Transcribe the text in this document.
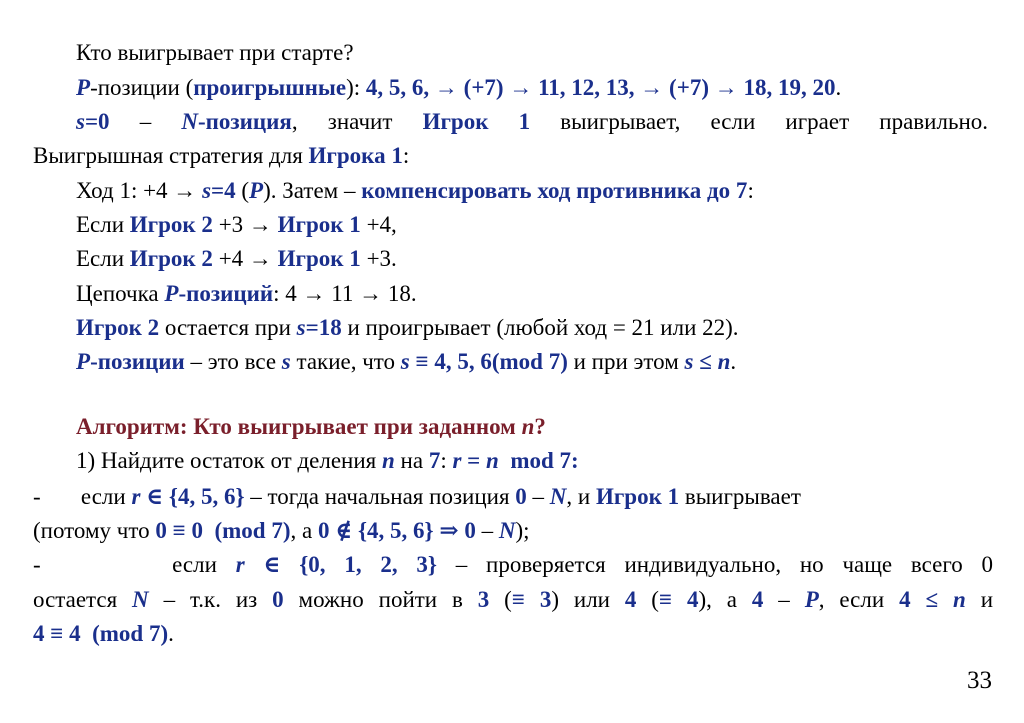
Кто выигрывает при старте?
P-позиции (проигрышные): 4, 5, 6, → (+7) → 11, 12, 13, → (+7) → 18, 19, 20.
s=0 – N-позиция, значит Игрок 1 выигрывает, если играет правильно.
Выигрышная стратегия для Игрока 1:
Ход 1: +4 → s=4 (P). Затем – компенсировать ход противника до 7:
Если Игрок 2 +3 → Игрок 1 +4,
Если Игрок 2 +4 → Игрок 1 +3.
Цепочка P-позиций: 4 → 11 → 18.
Игрок 2 остается при s=18 и проигрывает (любой ход = 21 или 22).
P-позиции – это все s такие, что s ≡ 4, 5, 6(mod 7) и при этом s ≤ n.
Алгоритм: Кто выигрывает при заданном n?
1) Найдите остаток от деления n на 7: r = n  mod 7:
-       если r ∈ {4, 5, 6} – тогда начальная позиция 0 – N, и Игрок 1 выигрывает
(потому что 0 ≡ 0  (mod 7), а 0 ∉ {4, 5, 6} ⇒ 0 – N);
-       если r ∈ {0, 1, 2, 3} – проверяется индивидуально, но чаще всего 0
остается N – т.к. из 0 можно пойти в 3 (≡ 3) или 4 (≡ 4), а 4 – P, если 4 ≤ n и
4 ≡ 4  (mod 7).
33
